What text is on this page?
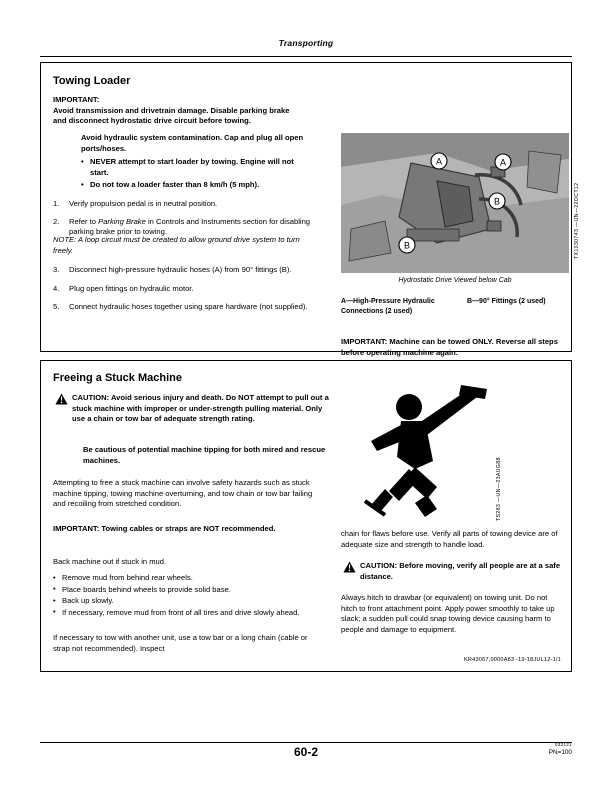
Transporting
Towing Loader
IMPORTANT: Avoid transmission and drivetrain damage. Disable parking brake and disconnect hydrostatic drive circuit before towing.
Avoid hydraulic system contamination. Cap and plug all open ports/hoses.
• NEVER attempt to start loader by towing. Engine will not start.
• Do not tow a loader faster than 8 km/h (5 mph).
1. Verify propulsion pedal is in neutral position.
2. Refer to Parking Brake in Controls and Instruments section for disabling parking brake prior to towing.
NOTE: A loop circuit must be created to allow ground drive system to turn freely.
3. Disconnect high-pressure hydraulic hoses (A) from 90° fittings (B).
4. Plug open fittings on hydraulic motor.
5. Connect hydraulic hoses together using spare hardware (not supplied).
A
B
B
A
TX1030743 —UN—22OCT12
Hydrostatic Drive Viewed below Cab
A—High-Pressure Hydraulic Connections (2 used)
B—90° Fittings (2 used)
IMPORTANT: Machine can be towed ONLY. Reverse all steps before operating machine again.
Freeing a Stuck Machine
CAUTION: Avoid serious injury and death. Do NOT attempt to pull out a stuck machine with improper or under-strength pulling material. Only use a chain or tow bar of adequate strength rating.
Be cautious of potential machine tipping for both mired and rescue machines.
Attempting to free a stuck machine can involve safety hazards such as stuck machine tipping, towing machine overturning, and tow chain or tow bar failing and recoiling from stretched condition.
IMPORTANT: Towing cables or straps are NOT recommended.
Back machine out if stuck in mud.
• Remove mud from behind rear wheels.
• Place boards behind wheels to provide solid base.
• Back up slowly.
• If necessary, remove mud from front of all tires and drive slowly ahead.
If necessary to tow with another unit, use a tow bar or a long chain (cable or strap not recommended). Inspect
TS263 —UN—23AUG88
chain for flaws before use. Verify all parts of towing device are of adequate size and strength to handle load.
CAUTION: Before moving, verify all people are at a safe distance.
Always hitch to drawbar (or equivalent) on towing unit. Do not hitch to front attachment point. Apply power smoothly to take up slack; a sudden pull could snap towing device causing harm to people and damage to equipment.
KR43067,0000A83 -19-18JUL12-1/1
60-2
032121
PN=100
